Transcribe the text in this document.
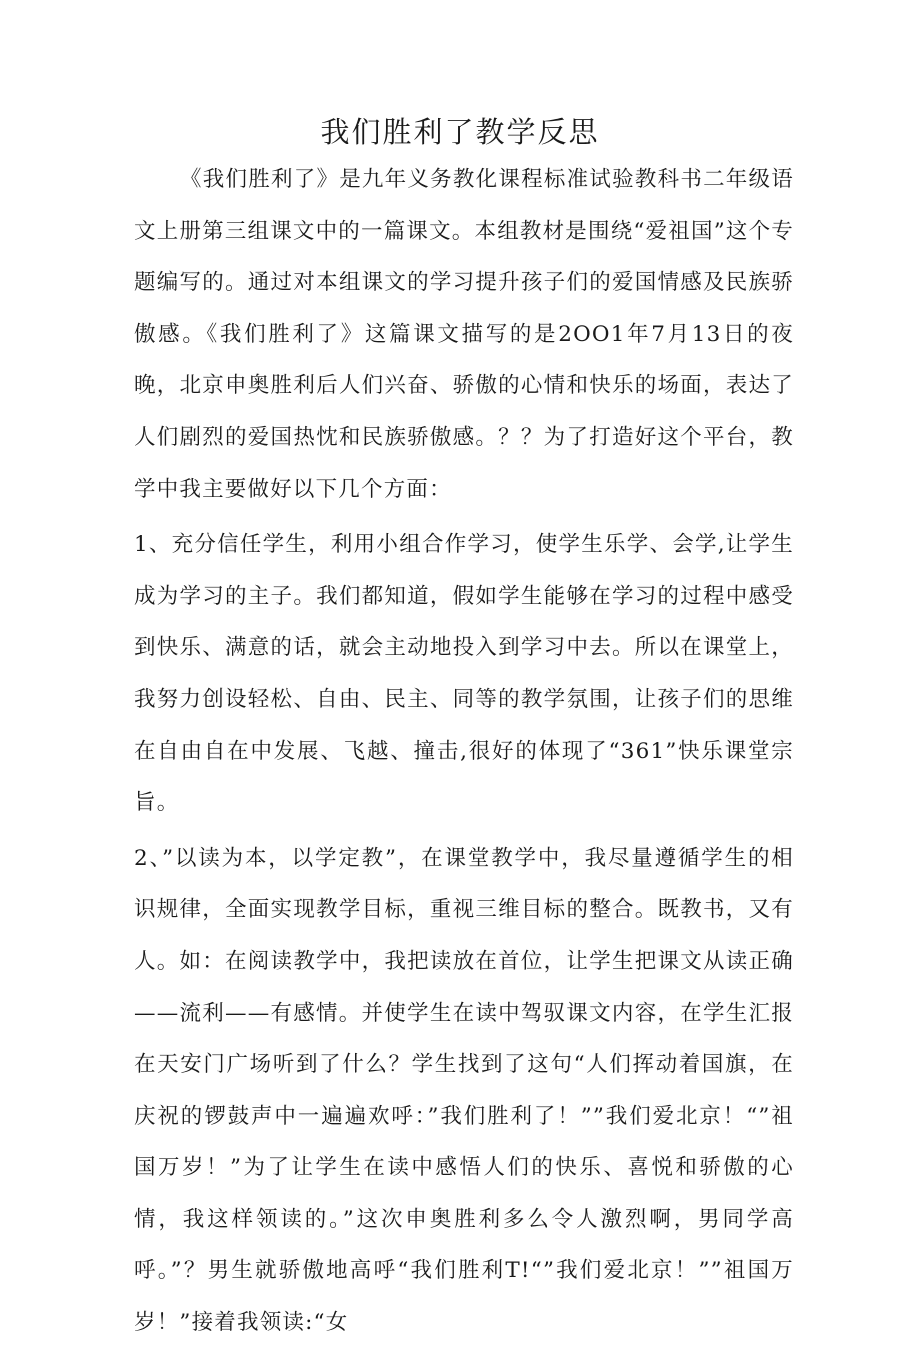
我们胜利了教学反思

《我们胜利了》是九年义务教化课程标准试验教科书二年级语文上册第三组课文中的一篇课文。本组教材是围绕“爱祖国”这个专题编写的。通过对本组课文的学习提升孩子们的爱国情感及民族骄傲感。《我们胜利了》这篇课文描写的是2OO1年7月13日的夜晚，北京申奥胜利后人们兴奋、骄傲的心情和快乐的场面，表达了人们剧烈的爱国热忱和民族骄傲感。？？为了打造好这个平台，教学中我主要做好以下几个方面：

1、充分信任学生，利用小组合作学习，使学生乐学、会学,让学生成为学习的主子。我们都知道，假如学生能够在学习的过程中感受到快乐、满意的话，就会主动地投入到学习中去。所以在课堂上，我努力创设轻松、自由、民主、同等的教学氛围，让孩子们的思维在自由自在中发展、飞越、撞击,很好的体现了“361”快乐课堂宗旨。

2、”以读为本，以学定教”，在课堂教学中，我尽量遵循学生的相识规律，全面实现教学目标，重视三维目标的整合。既教书，又有人。如：在阅读教学中，我把读放在首位，让学生把课文从读正确——流利——有感情。并使学生在读中驾驭课文内容，在学生汇报在天安门广场听到了什么？学生找到了这句“人们挥动着国旗，在庆祝的锣鼓声中一遍遍欢呼：”我们胜利了！””我们爱北京！“”祖国万岁！”为了让学生在读中感悟人们的快乐、喜悦和骄傲的心情，我这样领读的。”这次申奥胜利多么令人激烈啊，男同学高呼。”？男生就骄傲地高呼“我们胜利T!“”我们爱北京！””祖国万岁！”接着我领读:“女
